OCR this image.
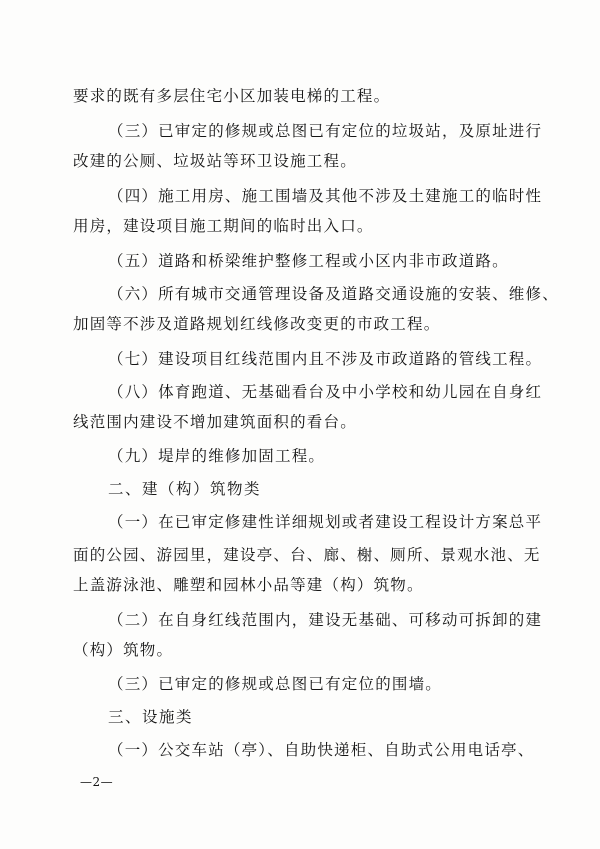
要求的既有多层住宅小区加装电梯的工程。
（三）已审定的修规或总图已有定位的垃圾站，及原址进行
改建的公厕、垃圾站等环卫设施工程。
（四）施工用房、施工围墙及其他不涉及土建施工的临时性
用房，建设项目施工期间的临时出入口。
（五）道路和桥梁维护整修工程或小区内非市政道路。
（六）所有城市交通管理设备及道路交通设施的安装、维修、
加固等不涉及道路规划红线修改变更的市政工程。
（七）建设项目红线范围内且不涉及市政道路的管线工程。
（八）体育跑道、无基础看台及中小学校和幼儿园在自身红
线范围内建设不增加建筑面积的看台。
（九）堤岸的维修加固工程。
二、建（构）筑物类
（一）在已审定修建性详细规划或者建设工程设计方案总平
面的公园、游园里，建设亭、台、廊、榭、厕所、景观水池、无
上盖游泳池、雕塑和园林小品等建（构）筑物。
（二）在自身红线范围内，建设无基础、可移动可拆卸的建
（构）筑物。
（三）已审定的修规或总图已有定位的围墙。
三、设施类
（一）公交车站（亭）、自助快递柜、自助式公用电话亭、
—2—
